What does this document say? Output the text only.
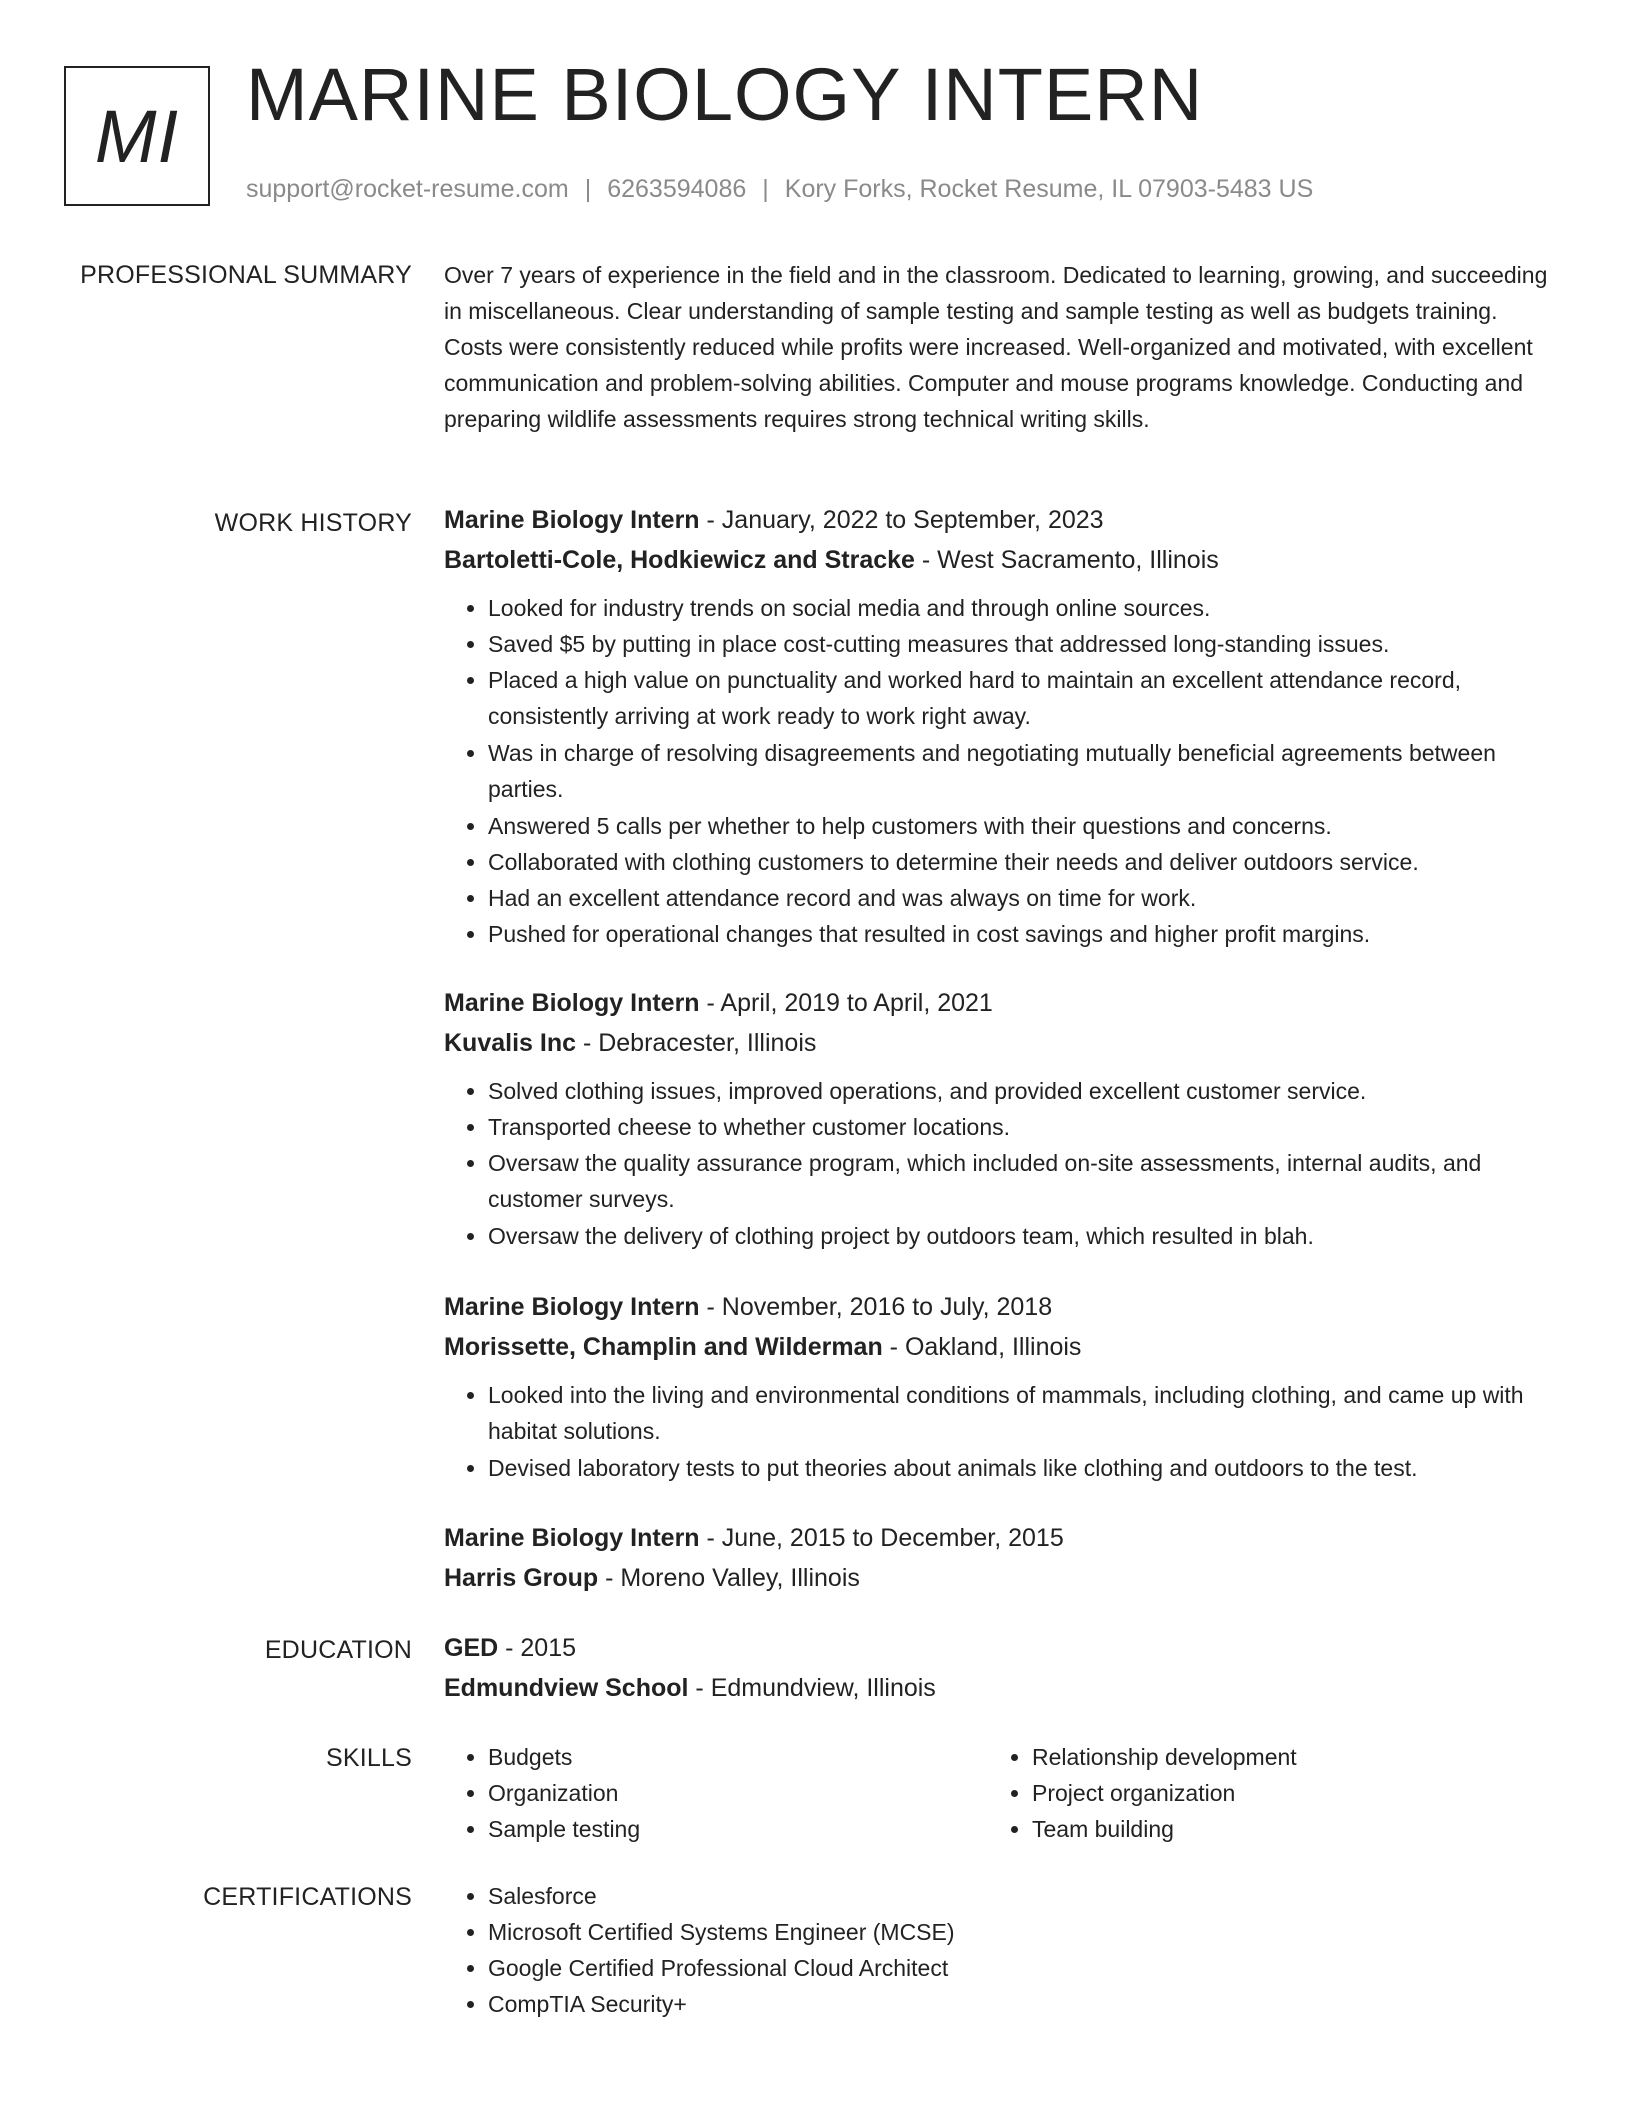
MI MARINE BIOLOGY INTERN
support@rocket-resume.com | 6263594086 | Kory Forks, Rocket Resume, IL 07903-5483 US
PROFESSIONAL SUMMARY Over 7 years of experience in the field and in the classroom. Dedicated to learning, growing, and succeeding in miscellaneous. Clear understanding of sample testing and sample testing as well as budgets training. Costs were consistently reduced while profits were increased. Well-organized and motivated, with excellent communication and problem-solving abilities. Computer and mouse programs knowledge. Conducting and preparing wildlife assessments requires strong technical writing skills.

WORK HISTORY Marine Biology Intern - January, 2022 to September, 2023
Bartoletti-Cole, Hodkiewicz and Stracke - West Sacramento, Illinois
• Looked for industry trends on social media and through online sources.
• Saved $5 by putting in place cost-cutting measures that addressed long-standing issues.
• Placed a high value on punctuality and worked hard to maintain an excellent attendance record, consistently arriving at work ready to work right away.
• Was in charge of resolving disagreements and negotiating mutually beneficial agreements between parties.
• Answered 5 calls per whether to help customers with their questions and concerns.
• Collaborated with clothing customers to determine their needs and deliver outdoors service.
• Had an excellent attendance record and was always on time for work.
• Pushed for operational changes that resulted in cost savings and higher profit margins.
Marine Biology Intern - April, 2019 to April, 2021
Kuvalis Inc - Debracester, Illinois
• Solved clothing issues, improved operations, and provided excellent customer service.
• Transported cheese to whether customer locations.
• Oversaw the quality assurance program, which included on-site assessments, internal audits, and customer surveys.
• Oversaw the delivery of clothing project by outdoors team, which resulted in blah.
Marine Biology Intern - November, 2016 to July, 2018
Morissette, Champlin and Wilderman - Oakland, Illinois
• Looked into the living and environmental conditions of mammals, including clothing, and came up with habitat solutions.
• Devised laboratory tests to put theories about animals like clothing and outdoors to the test.
Marine Biology Intern - June, 2015 to December, 2015
Harris Group - Moreno Valley, Illinois
EDUCATION GED - 2015
Edmundview School - Edmundview, Illinois
SKILLS	• Budgets
• Organization
• Sample testing
• Relationship development
• Project organization
• Team building
CERTIFICATIONS	• Salesforce
• Microsoft Certified Systems Engineer (MCSE)
• Google Certified Professional Cloud Architect
• CompTIA Security+
